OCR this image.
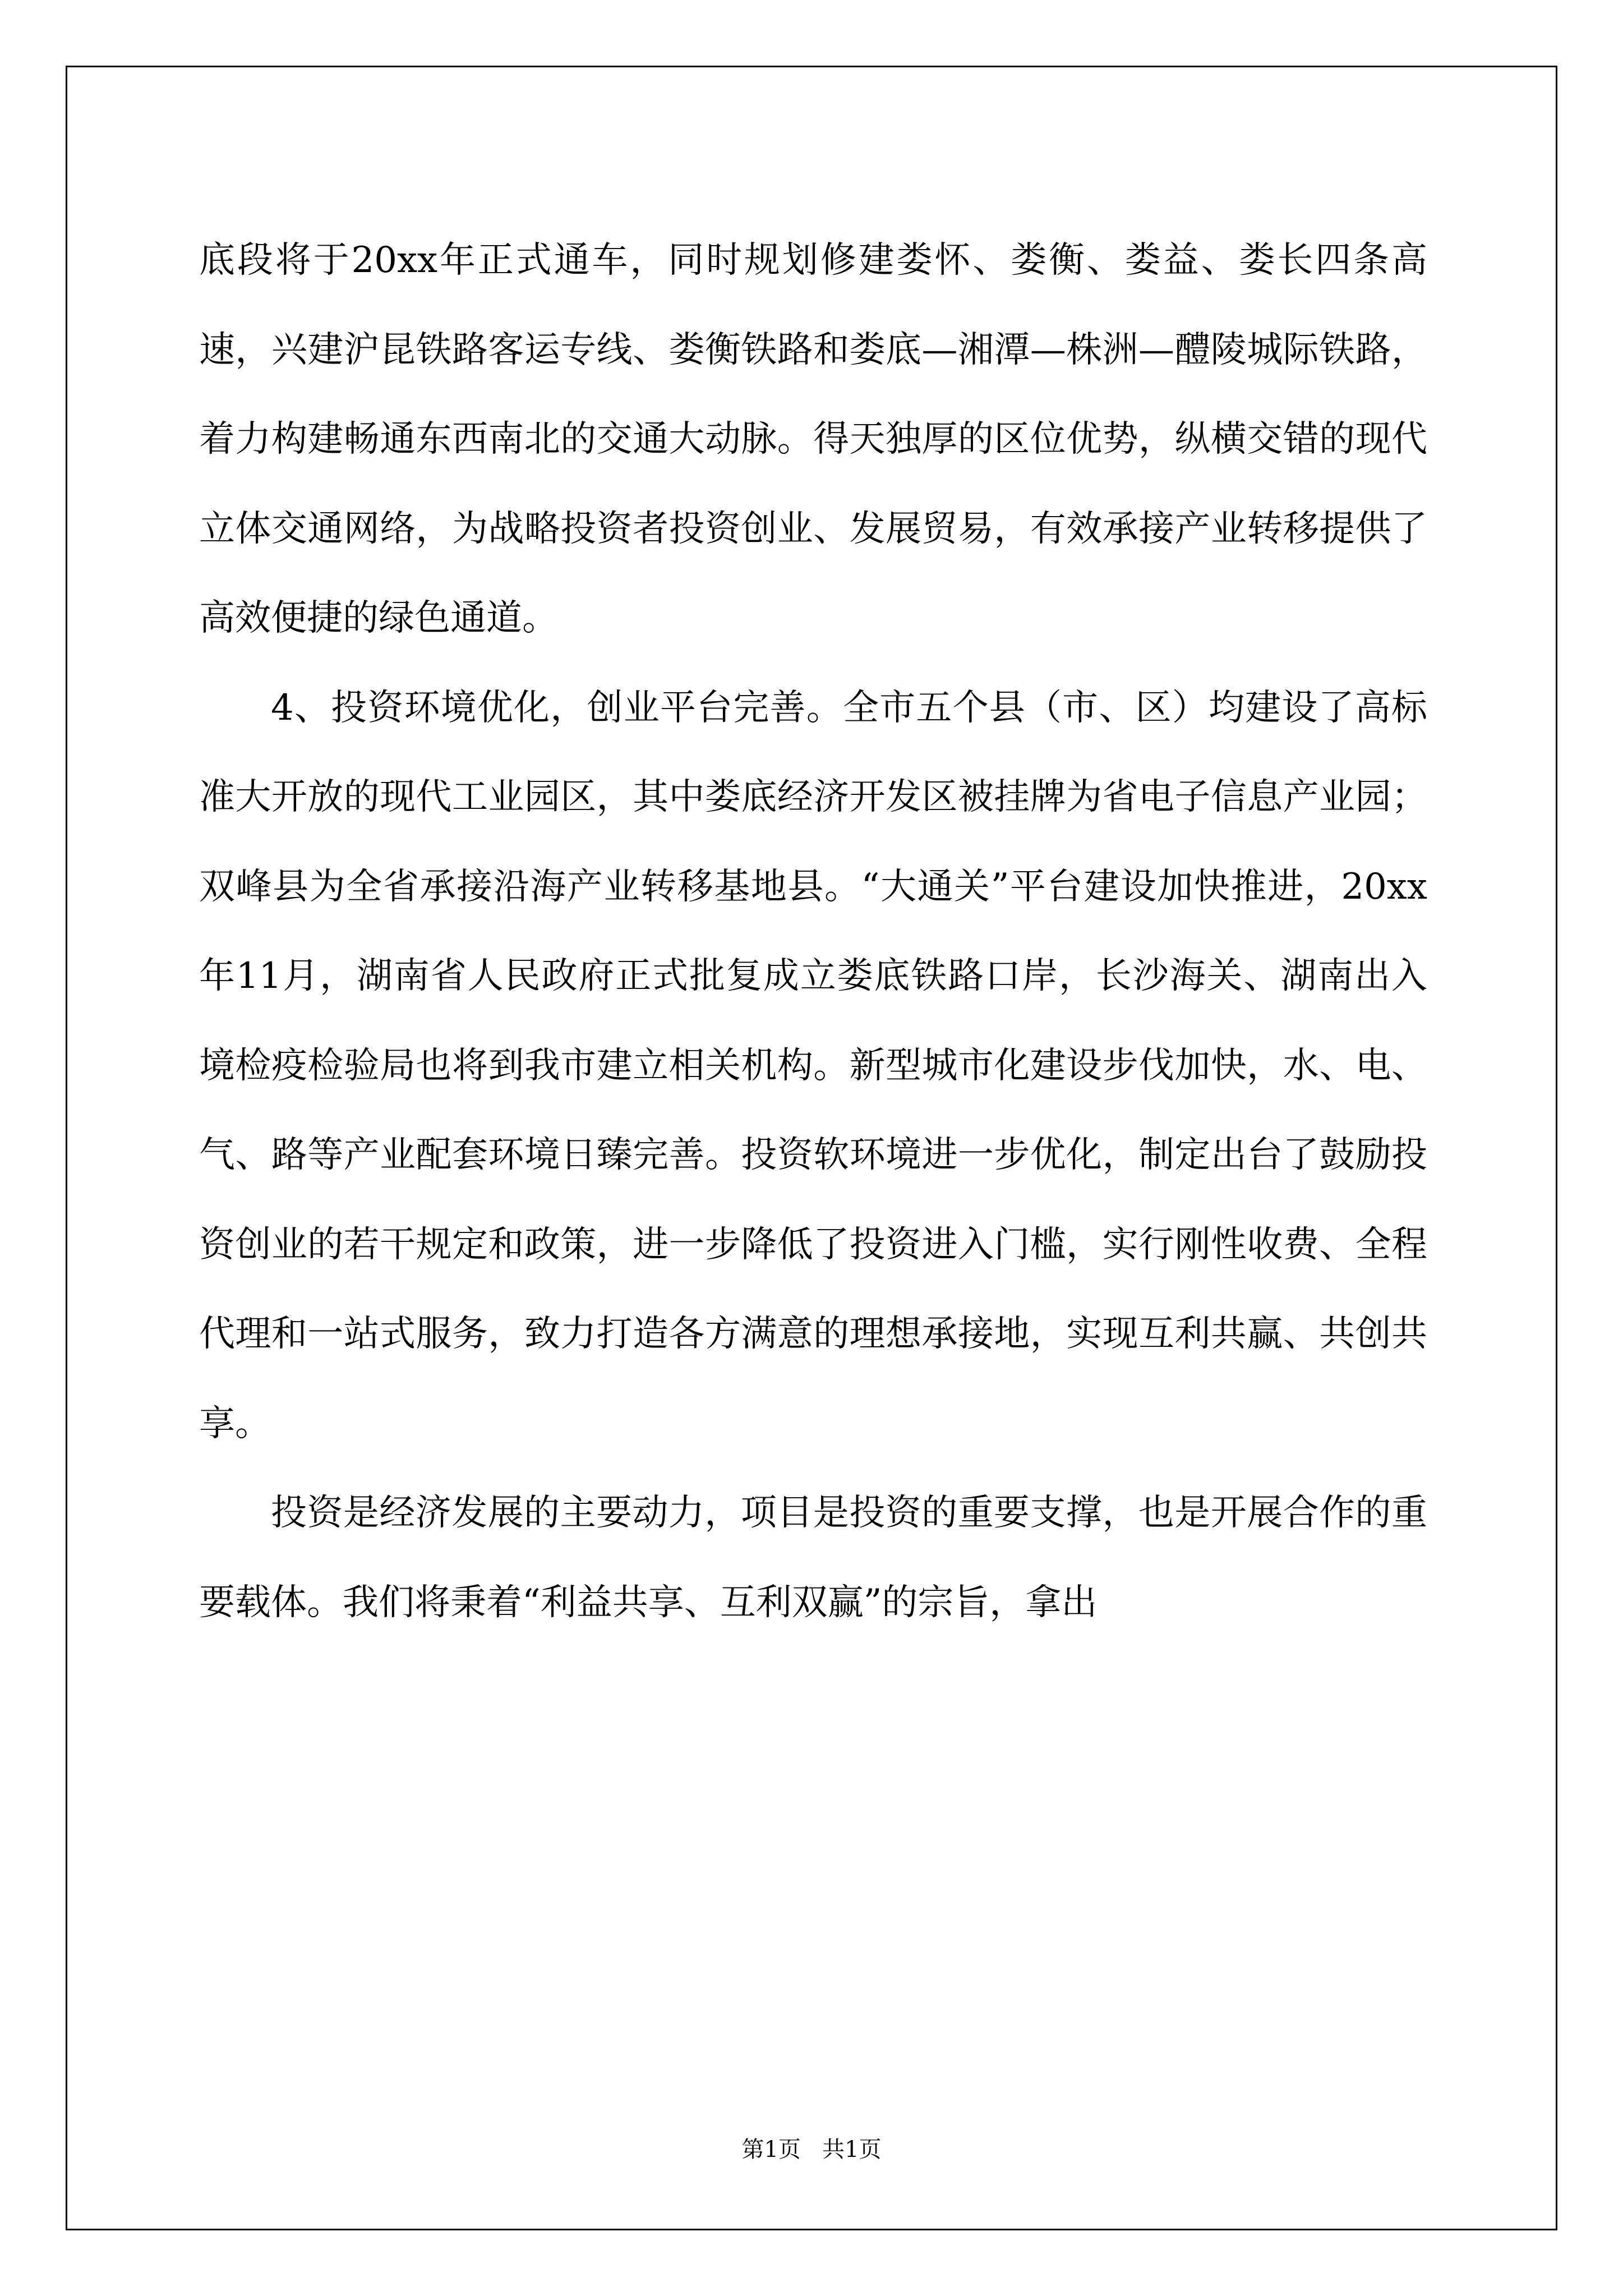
底段将于20xx年正式通车，同时规划修建娄怀、娄衡、娄益、娄长四条高速，兴建沪昆铁路客运专线、娄衡铁路和娄底—湘潭—株洲—醴陵城际铁路，着力构建畅通东西南北的交通大动脉。得天独厚的区位优势，纵横交错的现代立体交通网络，为战略投资者投资创业、发展贸易，有效承接产业转移提供了高效便捷的绿色通道。

4、投资环境优化，创业平台完善。全市五个县（市、区）均建设了高标准大开放的现代工业园区，其中娄底经济开发区被挂牌为省电子信息产业园；双峰县为全省承接沿海产业转移基地县。“大通关”平台建设加快推进，20xx年11月，湖南省人民政府正式批复成立娄底铁路口岸，长沙海关、湖南出入境检疫检验局也将到我市建立相关机构。新型城市化建设步伐加快，水、电、气、路等产业配套环境日臻完善。投资软环境进一步优化，制定出台了鼓励投资创业的若干规定和政策，进一步降低了投资进入门槛，实行刚性收费、全程代理和一站式服务，致力打造各方满意的理想承接地，实现互利共赢、共创共享。

投资是经济发展的主要动力，项目是投资的重要支撑，也是开展合作的重要载体。我们将秉着“利益共享、互利双赢”的宗旨，拿出

第1页   共1页
